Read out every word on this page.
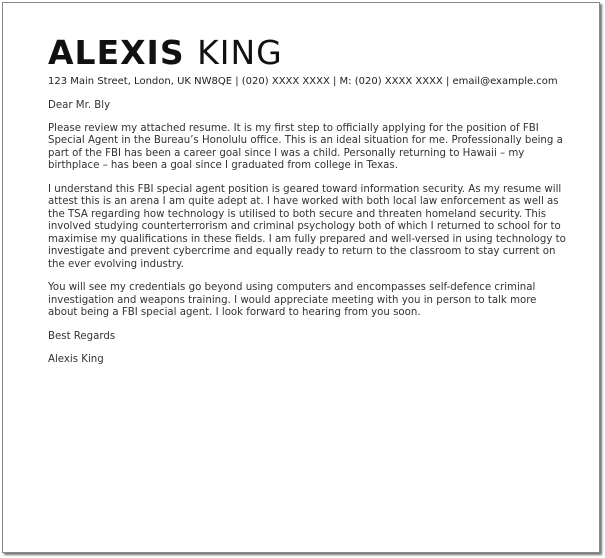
ALEXIS KING
123 Main Street, London, UK NW8QE | (020) XXXX XXXX | M: (020) XXXX XXXX | email@example.com

Dear Mr. Bly

Please review my attached resume. It is my first step to officially applying for the position of FBI Special Agent in the Bureau’s Honolulu office. This is an ideal situation for me. Professionally being a part of the FBI has been a career goal since I was a child. Personally returning to Hawaii – my birthplace – has been a goal since I graduated from college in Texas.

I understand this FBI special agent position is geared toward information security. As my resume will attest this is an arena I am quite adept at. I have worked with both local law enforcement as well as the TSA regarding how technology is utilised to both secure and threaten homeland security. This involved studying counterterrorism and criminal psychology both of which I returned to school for to maximise my qualifications in these fields. I am fully prepared and well-versed in using technology to investigate and prevent cybercrime and equally ready to return to the classroom to stay current on the ever evolving industry.

You will see my credentials go beyond using computers and encompasses self-defence criminal investigation and weapons training. I would appreciate meeting with you in person to talk more about being a FBI special agent. I look forward to hearing from you soon.

Best Regards

Alexis King
